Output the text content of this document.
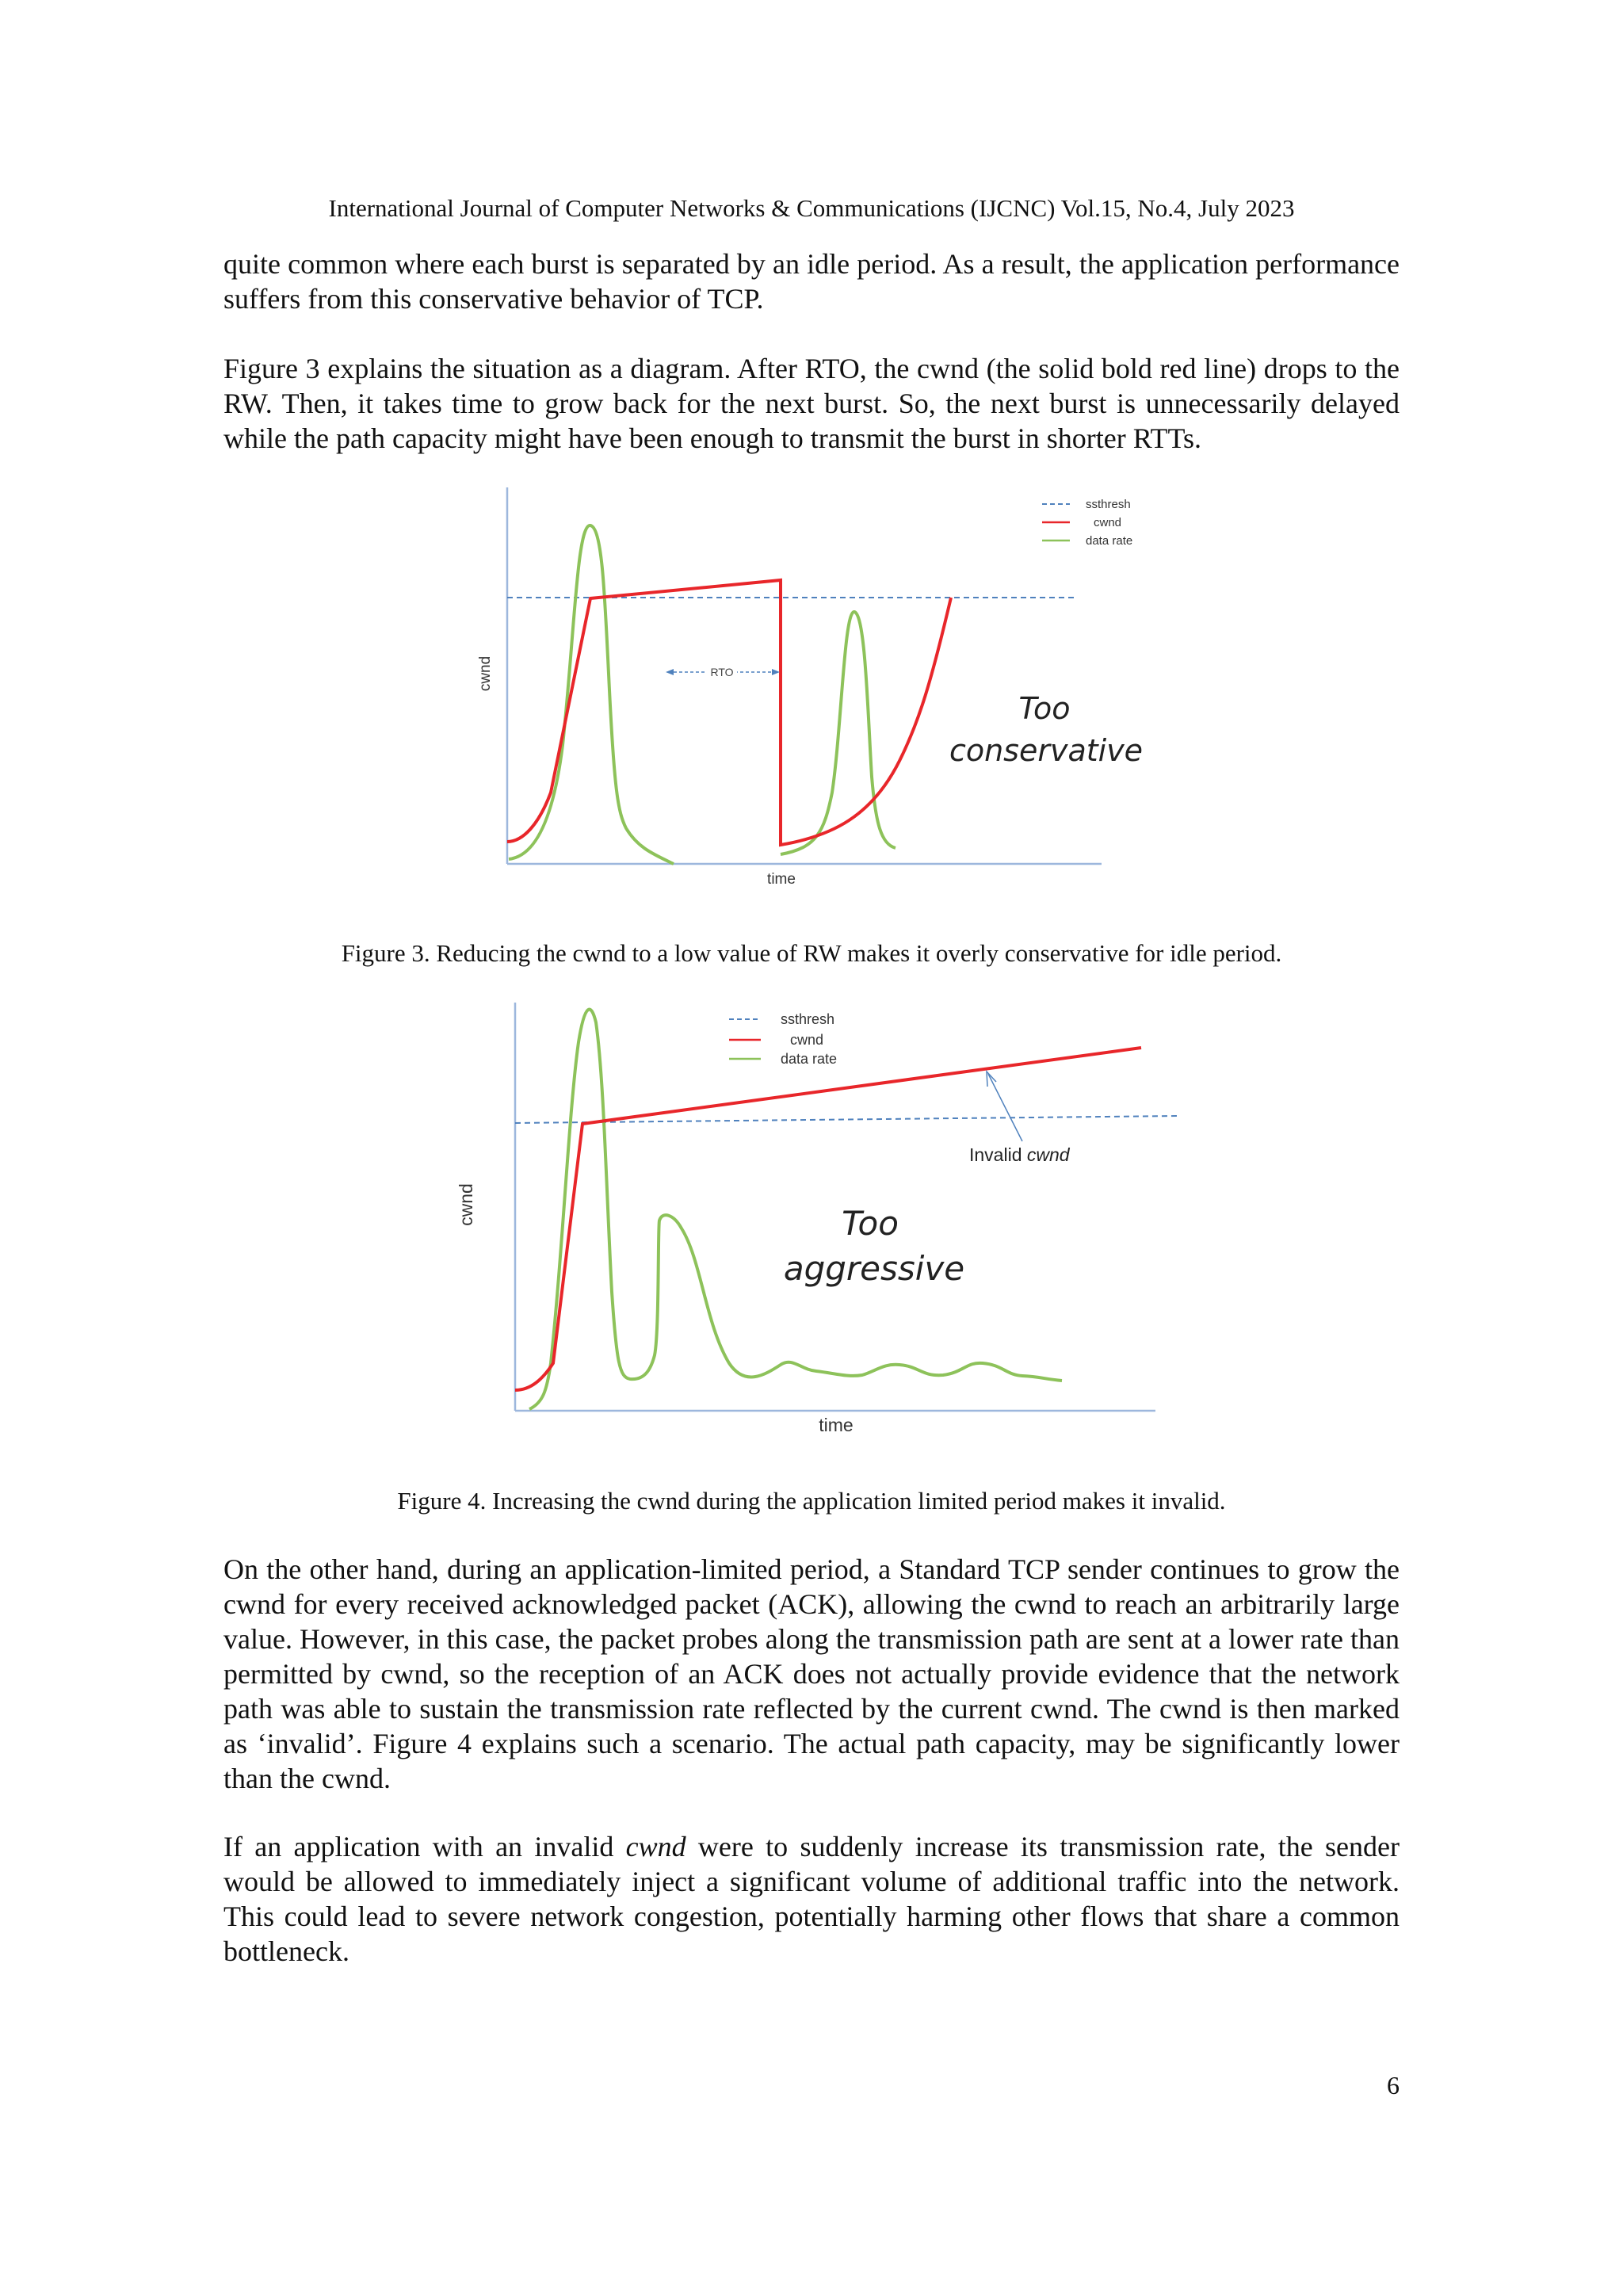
International Journal of Computer Networks & Communications (IJCNC) Vol.15, No.4, July 2023
quite common where each burst is separated by an idle period. As a result, the application performance suffers from this conservative behavior of TCP.
Figure 3 explains the situation as a diagram. After RTO, the cwnd (the solid bold red line) drops to the RW. Then, it takes time to grow back for the next burst. So, the next burst is unnecessarily delayed while the path capacity might have been enough to transmit the burst in shorter RTTs.
RTO
cwnd
time
Too
conservative
ssthresh
cwnd
data rate
Figure 3. Reducing the cwnd to a low value of RW makes it overly conservative for idle period.
Invalid cwnd
cwnd
time
Too
aggressive
ssthresh
cwnd
data rate
Figure 4. Increasing the cwnd during the application limited period makes it invalid.
On the other hand, during an application-limited period, a Standard TCP sender continues to grow the cwnd for every received acknowledged packet (ACK), allowing the cwnd to reach an arbitrarily large value. However, in this case, the packet probes along the transmission path are sent at a lower rate than permitted by cwnd, so the reception of an ACK does not actually provide evidence that the network path was able to sustain the transmission rate reflected by the current cwnd. The cwnd is then marked as ‘invalid’. Figure 4 explains such a scenario. The actual path capacity, may be significantly lower than the cwnd.
If an application with an invalid cwnd were to suddenly increase its transmission rate, the sender would be allowed to immediately inject a significant volume of additional traffic into the network. This could lead to severe network congestion, potentially harming other flows that share a common bottleneck.
6
